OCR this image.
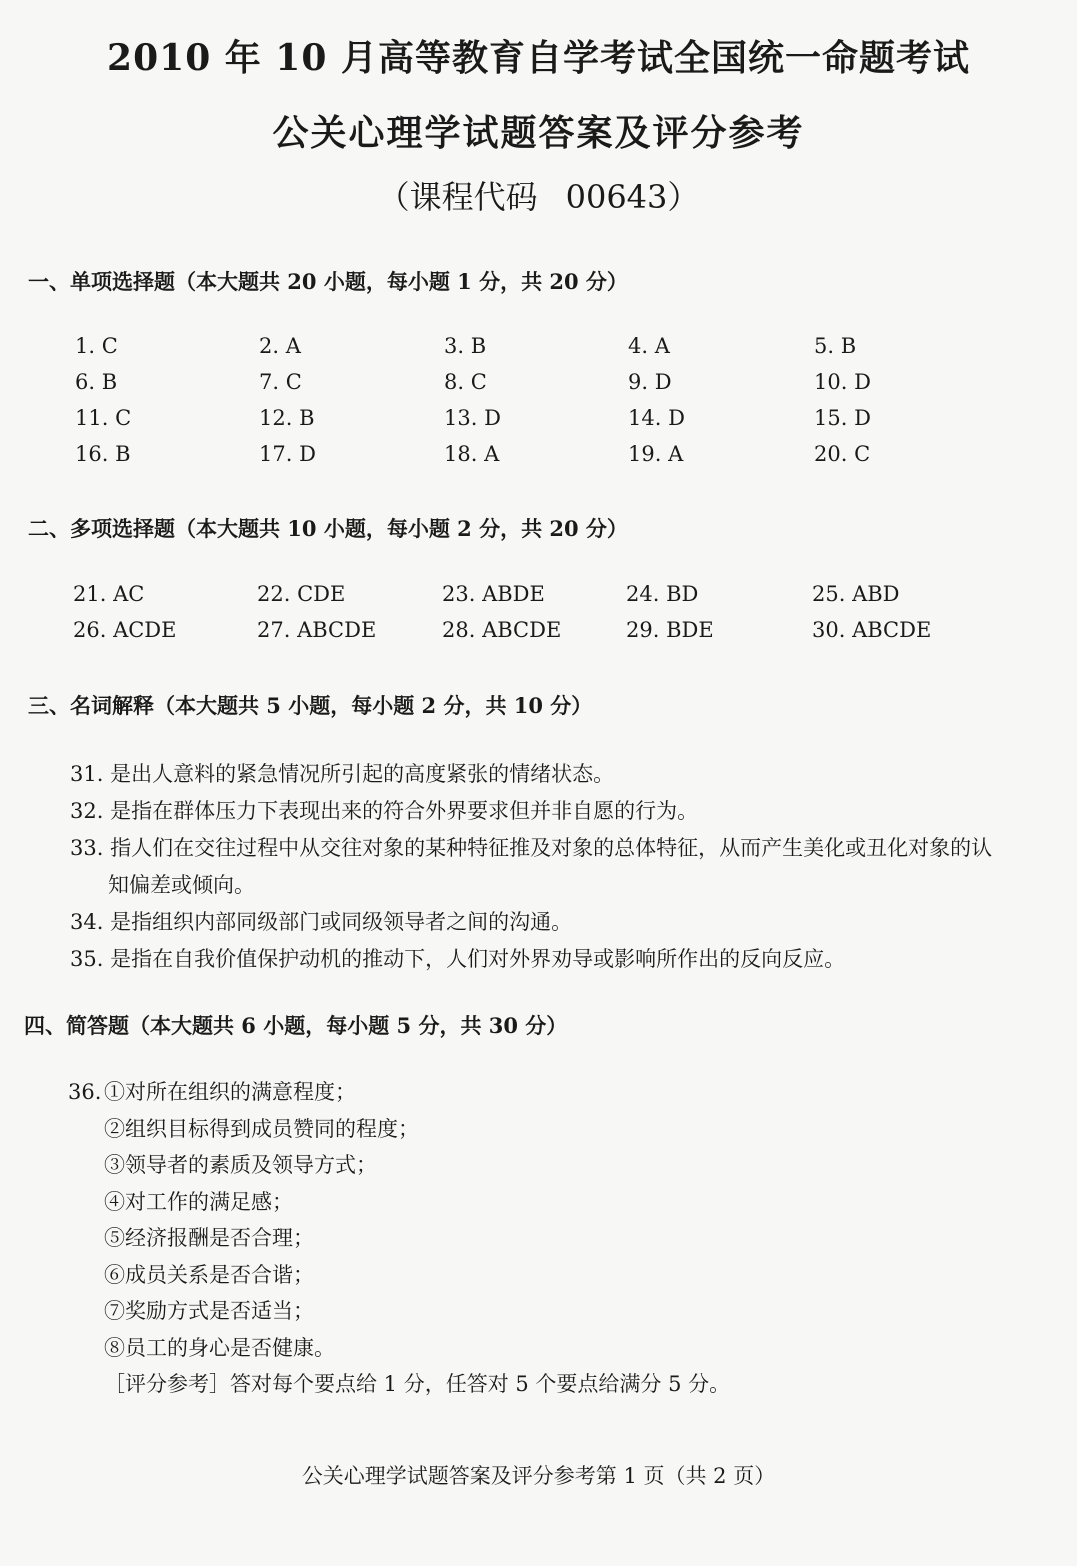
2010 年 10 月高等教育自学考试全国统一命题考试
公关心理学试题答案及评分参考
（课程代码 00643）
一、单项选择题（本大题共 20 小题，每小题 1 分，共 20 分）
1. C	2. A	3. B	4. A	5. B
6. B	7. C	8. C	9. D	10. D
11. C	12. B	13. D	14. D	15. D
16. B	17. D	18. A	19. A	20. C
二、多项选择题（本大题共 10 小题，每小题 2 分，共 20 分）
21. AC	22. CDE	23. ABDE	24. BD	25. ABD
26. ACDE	27. ABCDE	28. ABCDE	29. BDE	30. ABCDE
三、名词解释（本大题共 5 小题，每小题 2 分，共 10 分）

31. 是出人意料的紧急情况所引起的高度紧张的情绪状态。

32. 是指在群体压力下表现出来的符合外界要求但并非自愿的行为。

33. 指人们在交往过程中从交往对象的某种特征推及对象的总体特征，从而产生美化或丑化对象的认知偏差或倾向。

34. 是指组织内部同级部门或同级领导者之间的沟通。

35. 是指在自我价值保护动机的推动下，人们对外界劝导或影响所作出的反向反应。

四、简答题（本大题共 6 小题，每小题 5 分，共 30 分）

36. ①对所在组织的满意程度；

②组织目标得到成员赞同的程度；

③领导者的素质及领导方式；

④对工作的满足感；

⑤经济报酬是否合理；

⑥成员关系是否合谐；

⑦奖励方式是否适当；

⑧员工的身心是否健康。

［评分参考］答对每个要点给 1 分，任答对 5 个要点给满分 5 分。

公关心理学试题答案及评分参考第 1 页（共 2 页）
